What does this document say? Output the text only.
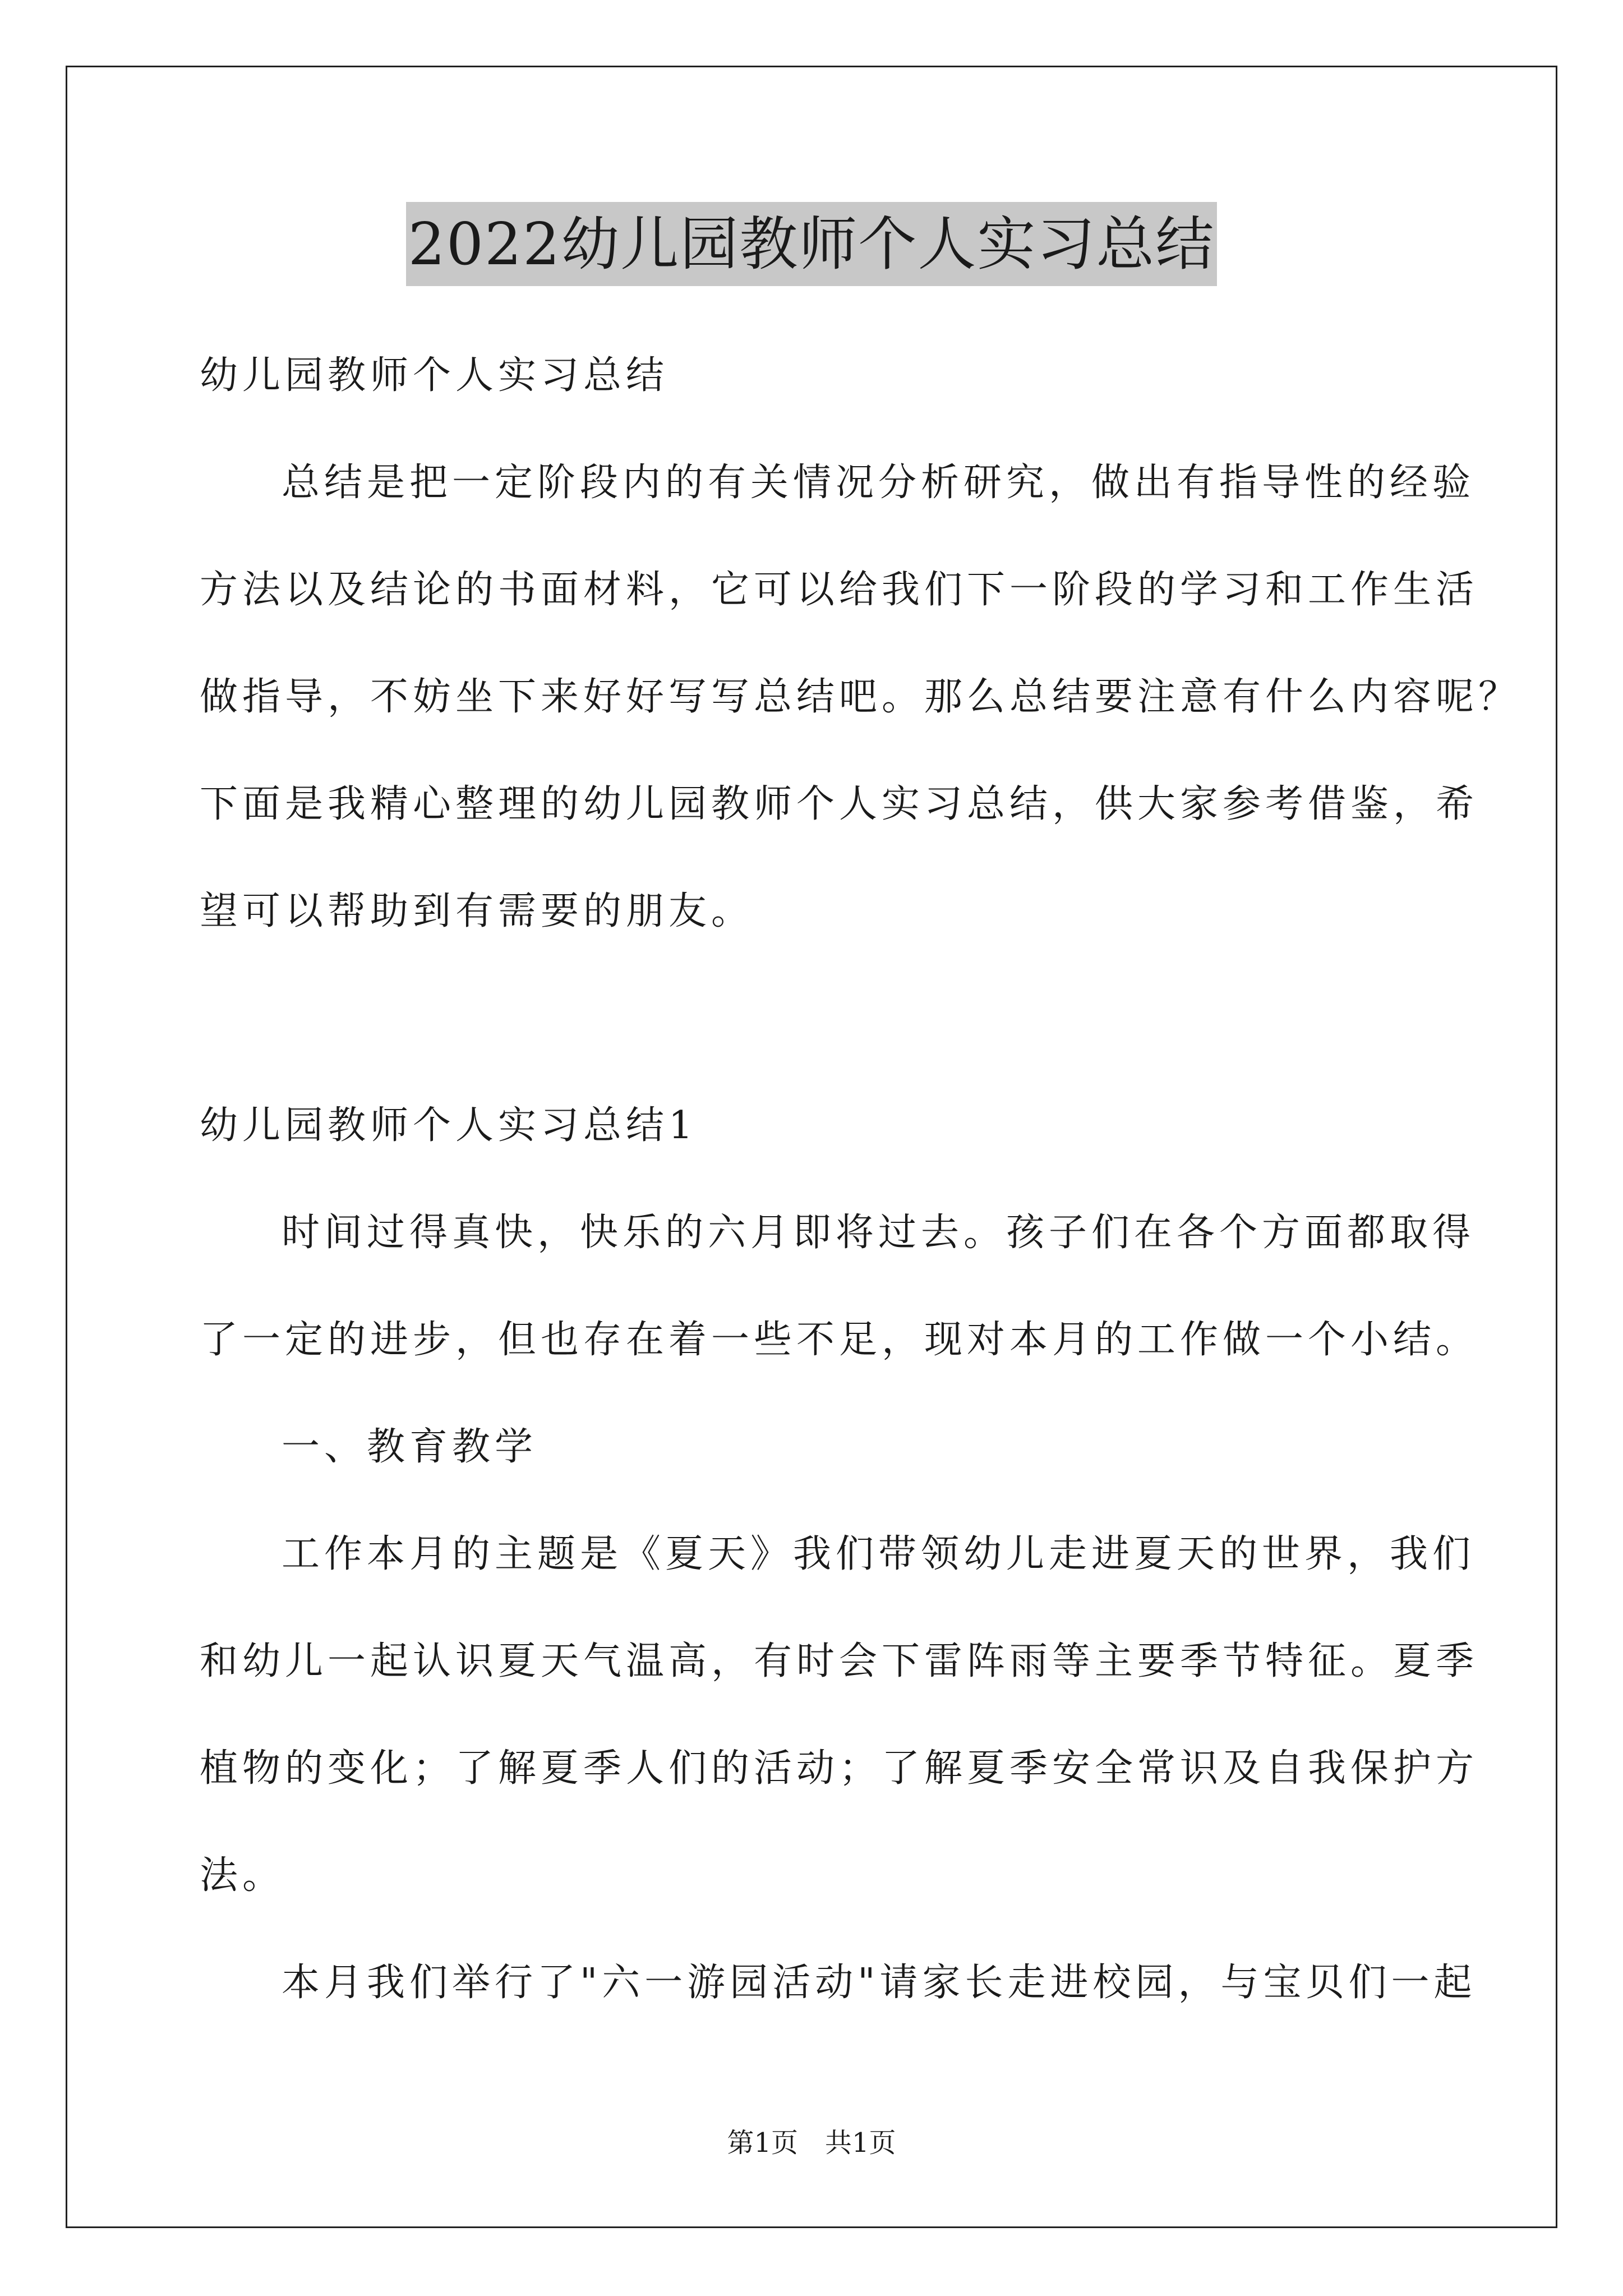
2022幼儿园教师个人实习总结
幼儿园教师个人实习总结
总结是把一定阶段内的有关情况分析研究，做出有指导性的经验
方法以及结论的书面材料，它可以给我们下一阶段的学习和工作生活
做指导，不妨坐下来好好写写总结吧。那么总结要注意有什么内容呢？
下面是我精心整理的幼儿园教师个人实习总结，供大家参考借鉴，希
望可以帮助到有需要的朋友。
幼儿园教师个人实习总结1
时间过得真快，快乐的六月即将过去。孩子们在各个方面都取得
了一定的进步，但也存在着一些不足，现对本月的工作做一个小结。
一、教育教学
工作本月的主题是《夏天》我们带领幼儿走进夏天的世界，我们
和幼儿一起认识夏天气温高，有时会下雷阵雨等主要季节特征。夏季
植物的变化；了解夏季人们的活动；了解夏季安全常识及自我保护方
法。
本月我们举行了"六一游园活动"请家长走进校园，与宝贝们一起
第1页　共1页
